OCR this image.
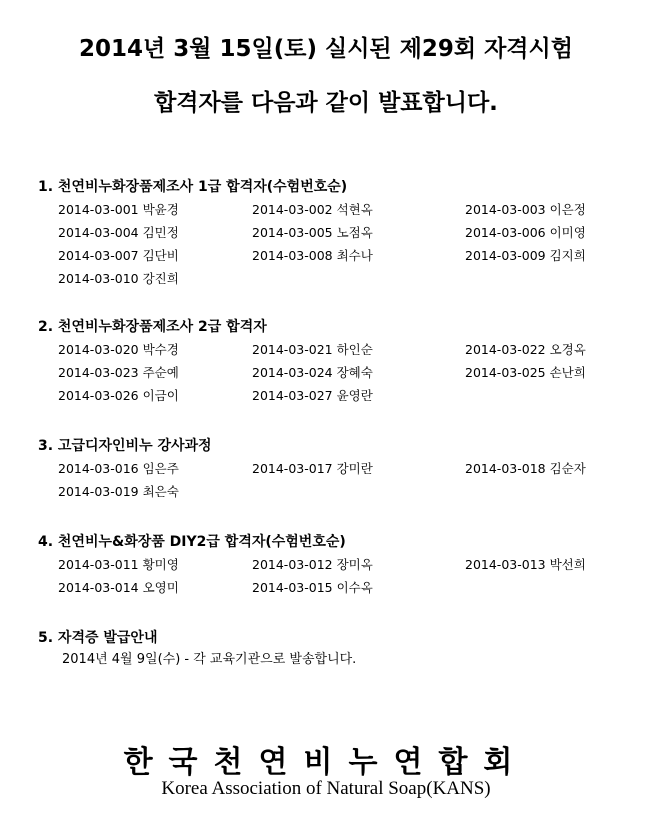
2014년 3월 15일(토) 실시된 제29회 자격시험
합격자를 다음과 같이 발표합니다.
1. 천연비누화장품제조사 1급 합격자(수험번호순)
2014-03-001 박윤경	2014-03-002 석현옥	2014-03-003 이은정
2014-03-004 김민정	2014-03-005 노점옥	2014-03-006 이미영
2014-03-007 김단비	2014-03-008 최수나	2014-03-009 김지희
2014-03-010 강진희
2. 천연비누화장품제조사 2급 합격자
2014-03-020 박수경	2014-03-021 하인순	2014-03-022 오경옥
2014-03-023 주순예	2014-03-024 장혜숙	2014-03-025 손난희
2014-03-026 이금이	2014-03-027 윤영란
3. 고급디자인비누 강사과정
2014-03-016 임은주	2014-03-017 강미란	2014-03-018 김순자
2014-03-019 최은숙
4. 천연비누&화장품 DIY2급 합격자(수험번호순)
2014-03-011 황미영	2014-03-012 장미옥	2014-03-013 박선희
2014-03-014 오영미	2014-03-015 이수옥
5. 자격증 발급안내
2014년 4월 9일(수) - 각 교육기관으로 발송합니다.
한국천연비누연합회
Korea Association of Natural Soap(KANS)
